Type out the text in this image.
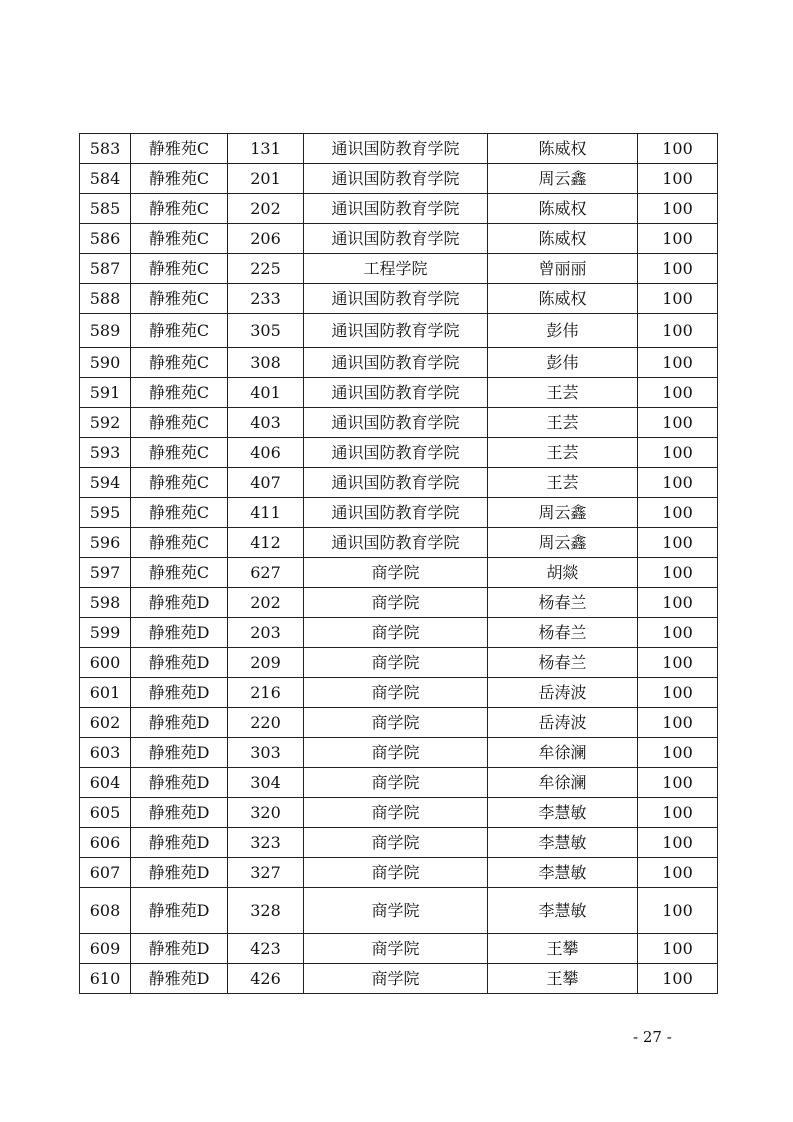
583	静雅苑C	131	通识国防教育学院	陈威权	100
584	静雅苑C	201	通识国防教育学院	周云鑫	100
585	静雅苑C	202	通识国防教育学院	陈威权	100
586	静雅苑C	206	通识国防教育学院	陈威权	100
587	静雅苑C	225	工程学院	曾丽丽	100
588	静雅苑C	233	通识国防教育学院	陈威权	100
589	静雅苑C	305	通识国防教育学院	彭伟	100
590	静雅苑C	308	通识国防教育学院	彭伟	100
591	静雅苑C	401	通识国防教育学院	王芸	100
592	静雅苑C	403	通识国防教育学院	王芸	100
593	静雅苑C	406	通识国防教育学院	王芸	100
594	静雅苑C	407	通识国防教育学院	王芸	100
595	静雅苑C	411	通识国防教育学院	周云鑫	100
596	静雅苑C	412	通识国防教育学院	周云鑫	100
597	静雅苑C	627	商学院	胡燚	100
598	静雅苑D	202	商学院	杨春兰	100
599	静雅苑D	203	商学院	杨春兰	100
600	静雅苑D	209	商学院	杨春兰	100
601	静雅苑D	216	商学院	岳涛波	100
602	静雅苑D	220	商学院	岳涛波	100
603	静雅苑D	303	商学院	牟徐澜	100
604	静雅苑D	304	商学院	牟徐澜	100
605	静雅苑D	320	商学院	李慧敏	100
606	静雅苑D	323	商学院	李慧敏	100
607	静雅苑D	327	商学院	李慧敏	100
608	静雅苑D	328	商学院	李慧敏	100
609	静雅苑D	423	商学院	王攀	100
610	静雅苑D	426	商学院	王攀	100
- 27 -
